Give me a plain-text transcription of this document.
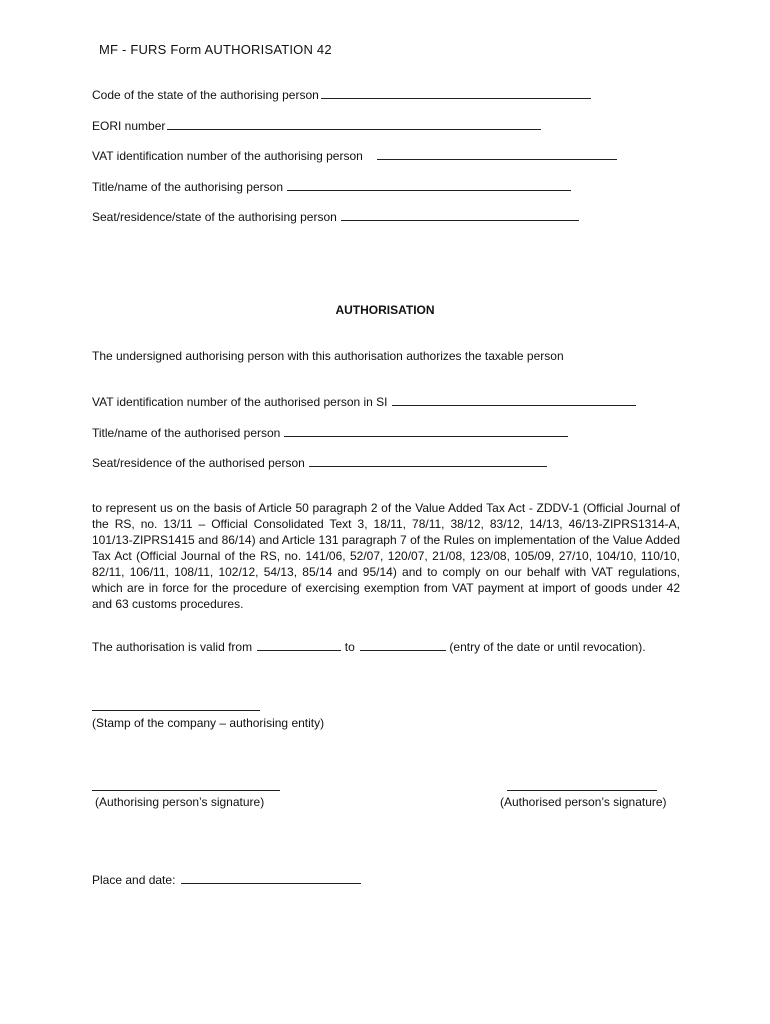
MF - FURS Form AUTHORISATION 42
Code of the state of the authorising person
EORI number
VAT identification number of the authorising person
Title/name of the authorising person
Seat/residence/state of the authorising person
AUTHORISATION
The undersigned authorising person with this authorisation authorizes the taxable person
VAT identification number of the authorised person in SI
Title/name of the authorised person
Seat/residence of the authorised person
to represent us on the basis of Article 50 paragraph 2 of the Value Added Tax Act - ZDDV-1 (Official Journal of the RS, no. 13/11 – Official Consolidated Text 3, 18/11, 78/11, 38/12, 83/12, 14/13, 46/13-ZIPRS1314-A, 101/13-ZIPRS1415 and 86/14) and Article 131 paragraph 7 of the Rules on implementation of the Value Added Tax Act (Official Journal of the RS, no. 141/06, 52/07, 120/07, 21/08, 123/08, 105/09, 27/10, 104/10, 110/10, 82/11, 106/11, 108/11, 102/12, 54/13, 85/14 and 95/14) and to comply on our behalf with VAT regulations, which are in force for the procedure of exercising exemption from VAT payment at import of goods under 42 and 63 customs procedures.
The authorisation is valid from	to	(entry of the date or until revocation).
(Stamp of the company – authorising entity)
(Authorising person’s signature)	(Authorised person’s signature)
Place and date:
